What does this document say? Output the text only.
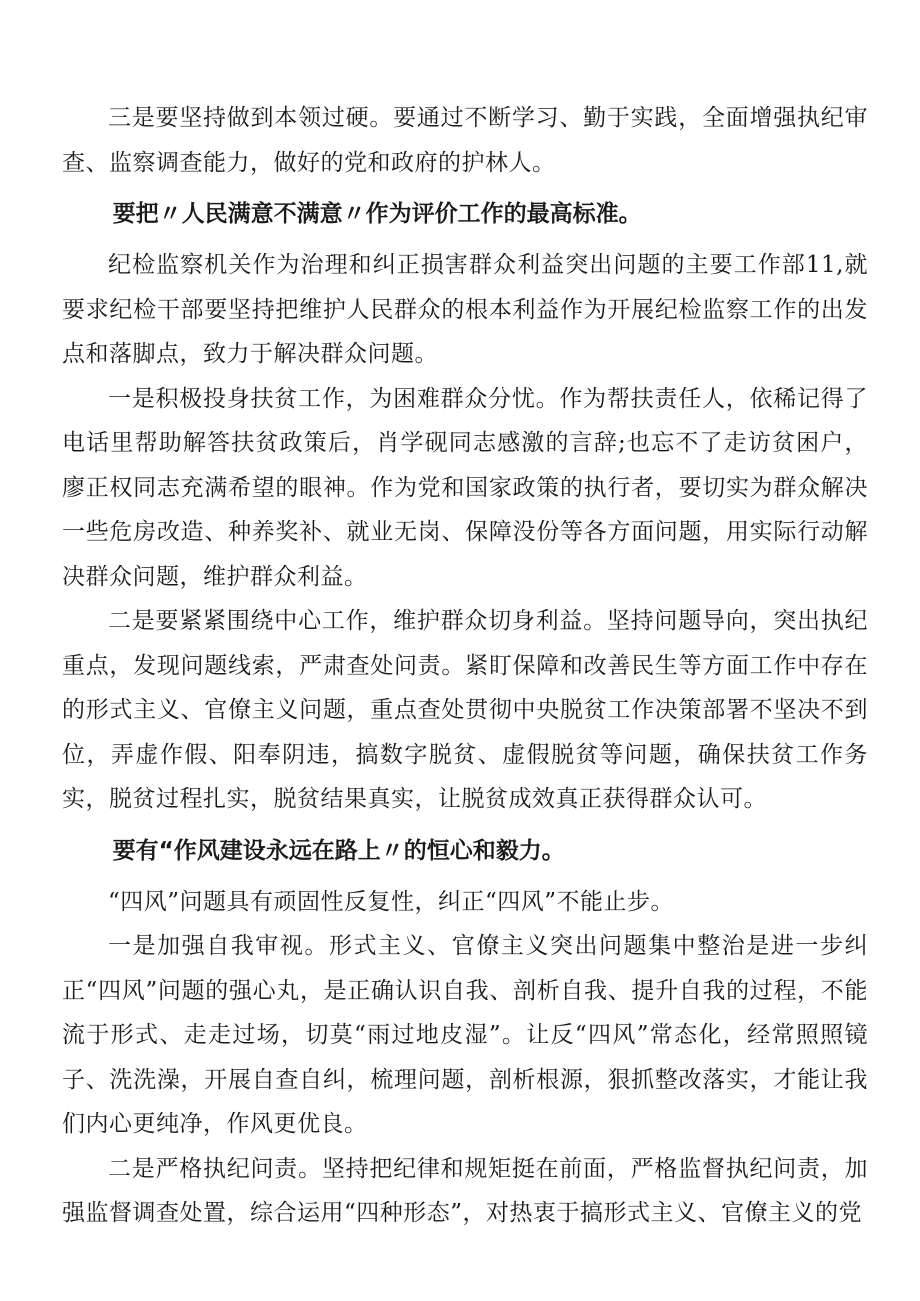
三是要坚持做到本领过硬。要通过不断学习、勤于实践，全面增强执纪审查、监察调查能力，做好的党和政府的护林人。

要把〃人民满意不满意〃作为评价工作的最高标准。

纪检监察机关作为治理和纠正损害群众利益突出问题的主要工作部11,就要求纪检干部要坚持把维护人民群众的根本利益作为开展纪检监察工作的出发点和落脚点，致力于解决群众问题。

一是积极投身扶贫工作，为困难群众分忧。作为帮扶责任人，依稀记得了电话里帮助解答扶贫政策后，肖学砚同志感激的言辞;也忘不了走访贫困户，廖正权同志充满希望的眼神。作为党和国家政策的执行者，要切实为群众解决一些危房改造、种养奖补、就业无岗、保障没份等各方面问题，用实际行动解决群众问题，维护群众利益。

二是要紧紧围绕中心工作，维护群众切身利益。坚持问题导向，突出执纪重点，发现问题线索，严肃查处问责。紧盯保障和改善民生等方面工作中存在的形式主义、官僚主义问题，重点查处贯彻中央脱贫工作决策部署不坚决不到位，弄虚作假、阳奉阴违，搞数字脱贫、虚假脱贫等问题，确保扶贫工作务实，脱贫过程扎实，脱贫结果真实，让脱贫成效真正获得群众认可。

要有“作风建设永远在路上〃的恒心和毅力。

“四风”问题具有顽固性反复性，纠正“四风”不能止步。

一是加强自我审视。形式主义、官僚主义突出问题集中整治是进一步纠正“四风”问题的强心丸，是正确认识自我、剖析自我、提升自我的过程，不能流于形式、走走过场，切莫“雨过地皮湿”。让反“四风”常态化，经常照照镜子、洗洗澡，开展自查自纠，梳理问题，剖析根源，狠抓整改落实，才能让我们内心更纯净，作风更优良。

二是严格执纪问责。坚持把纪律和规矩挺在前面，严格监督执纪问责，加强监督调查处置，综合运用“四种形态”，对热衷于搞形式主义、官僚主义的党
